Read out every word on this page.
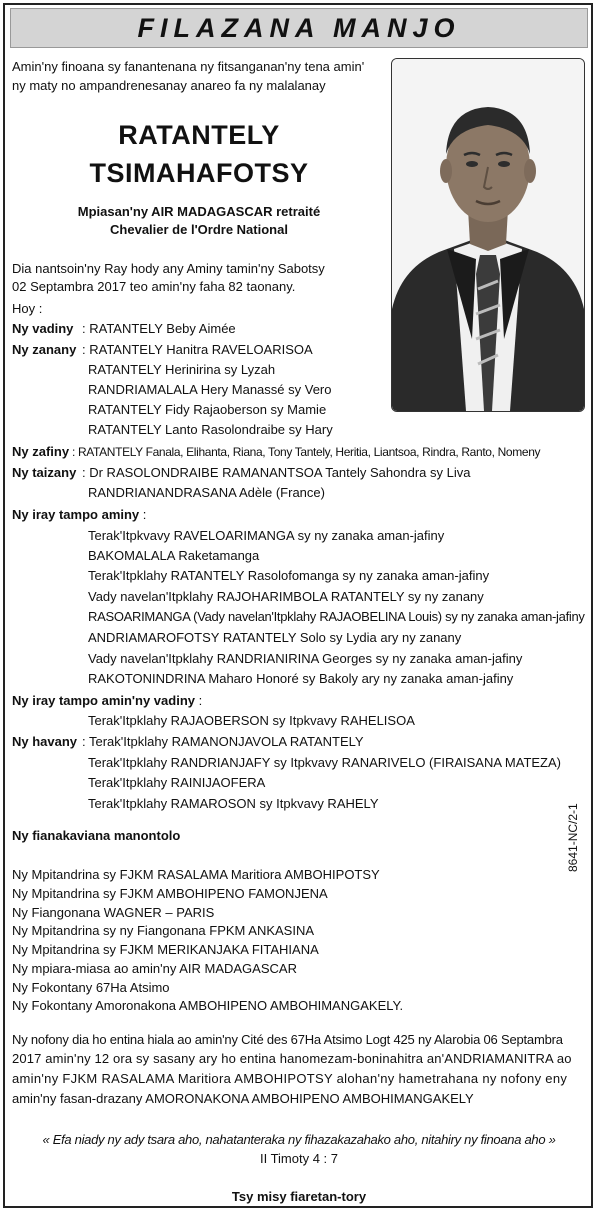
FILAZANA MANJO
Amin'ny finoana sy fanantenana ny fitsanganan'ny tena amin'
ny maty no ampandrenesanay anareo fa ny malalanay
RATANTELY
TSIMAHAFOTSY
Mpiasan'ny AIR MADAGASCAR retraité
Chevalier de l'Ordre National
Dia nantsoin'ny Ray hody any Aminy tamin'ny Sabotsy
02 Septambra 2017 teo amin'ny faha 82 taonany.
Hoy :
Ny vadiny : RATANTELY Beby Aimée
Ny zanany : RATANTELY Hanitra RAVELOARISOA
RATANTELY Herinirina sy Lyzah
RANDRIAMALALA Hery Manassé sy Vero
RATANTELY Fidy Rajaoberson sy Mamie
RATANTELY Lanto Rasolondraibe sy Hary
Ny zafiny : RATANTELY Fanala, Elihanta, Riana, Tony Tantely, Heritia, Liantsoa, Rindra, Ranto, Nomeny
Ny taizany : Dr RASOLONDRAIBE RAMANANTSOA Tantely Sahondra sy Liva
RANDRIANANDRASANA Adèle (France)
Ny iray tampo aminy :
Terak'Itpkvavy RAVELOARIMANGA sy ny zanaka aman-jafiny
BAKOMALALA Raketamanga
Terak'Itpklahy RATANTELY Rasolofomanga sy ny zanaka aman-jafiny
Vady navelan'Itpklahy RAJOHARIMBOLA RATANTELY sy ny zanany
RASOARIMANGA (Vady navelan'Itpklahy RAJAOBELINA Louis) sy ny zanaka aman-jafiny
ANDRIAMAROFOTSY RATANTELY Solo sy Lydia ary ny zanany
Vady navelan'Itpklahy RANDRIANIRINA Georges sy ny zanaka aman-jafiny
RAKOTONINDRINA Maharo Honoré sy Bakoly ary ny zanaka aman-jafiny
Ny iray tampo amin'ny vadiny :
Terak'Itpklahy RAJAOBERSON sy Itpkvavy RAHELISOA
Ny havany : Terak'Itpklahy RAMANONJAVOLA RATANTELY
Terak'Itpklahy RANDRIANJAFY sy Itpkvavy RANARIVELO (FIRAISANA MATEZA)
Terak'Itpklahy RAINIJAOFERA
Terak'Itpklahy RAMAROSON sy Itpkvavy RAHELY
Ny fianakaviana manontolo
Ny Mpitandrina sy FJKM RASALAMA Maritiora AMBOHIPOTSY
Ny Mpitandrina sy FJKM AMBOHIPENO FAMONJENA
Ny Fiangonana WAGNER – PARIS
Ny Mpitandrina sy ny Fiangonana FPKM ANKASINA
Ny Mpitandrina sy FJKM MERIKANJAKA FITAHIANA
Ny mpiara-miasa ao amin'ny AIR MADAGASCAR
Ny Fokontany 67Ha Atsimo
Ny Fokontany Amoronakona AMBOHIPENO AMBOHIMANGAKELY.
8641-NC/2-1
Ny nofony dia ho entina hiala ao amin'ny Cité des 67Ha Atsimo Logt 425 ny Alarobia 06 Septambra
2017 amin'ny 12 ora sy sasany ary ho entina hanomezam-boninahitra an'ANDRIAMANITRA ao
amin'ny FJKM RASALAMA Maritiora AMBOHIPOTSY alohan'ny hametrahana ny nofony eny
amin'ny fasan-drazany AMORONAKONA AMBOHIPENO AMBOHIMANGAKELY
« Efa niady ny ady tsara aho, nahatanteraka ny fihazakazahako aho, nitahiry ny finoana aho »
II Timoty 4 : 7
Tsy misy fiaretan-tory
